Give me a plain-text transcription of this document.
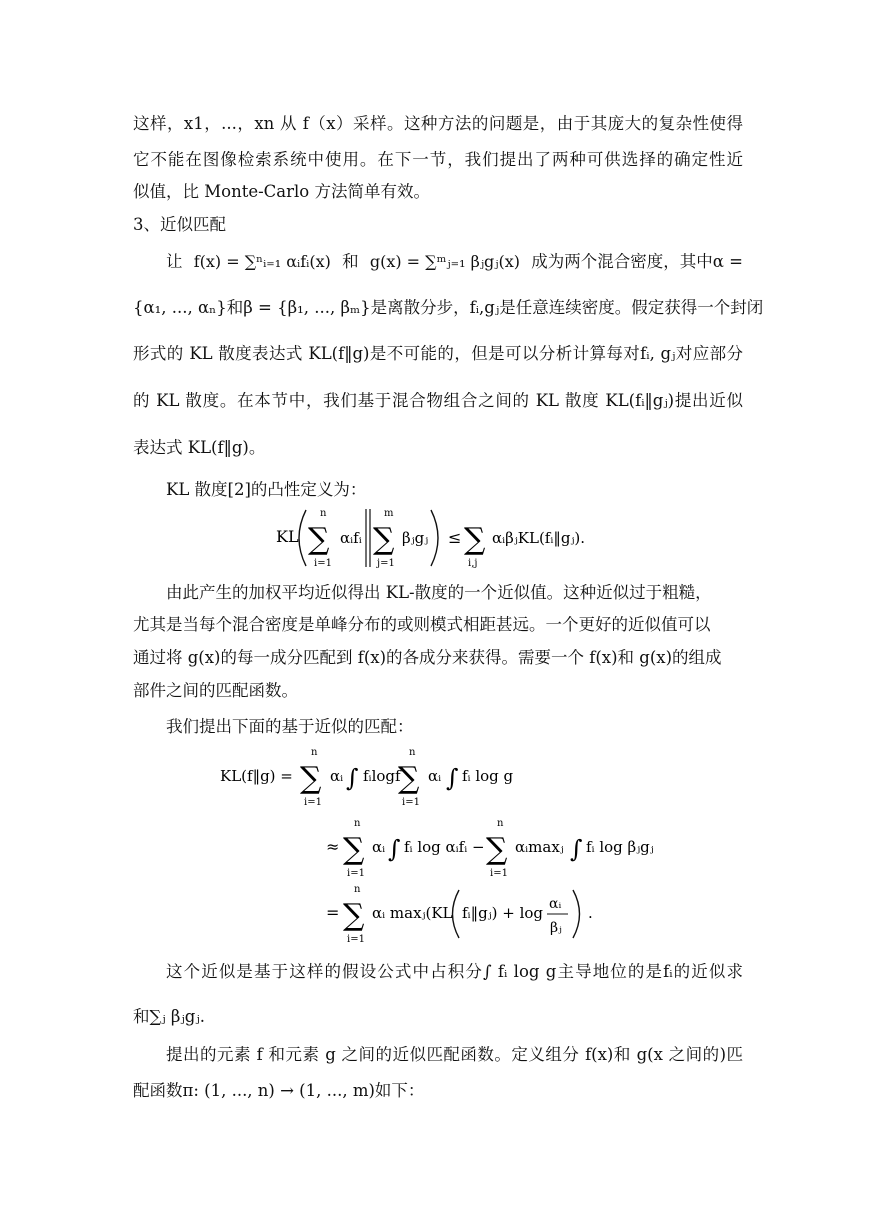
这样，x1，...，xn 从 f（x）采样。这种方法的问题是，由于其庞大的复杂性使得
它不能在图像检索系统中使用。在下一节，我们提出了两种可供选择的确定性近
似值，比 Monte-Carlo 方法简单有效。
3、近似匹配
让 f(x) = ∑ⁿᵢ₌₁ αᵢfᵢ(x) 和 g(x) = ∑ᵐⱼ₌₁ βⱼgⱼ(x) 成为两个混合密度，其中α =
{α₁, ..., αₙ}和β = {β₁, ..., βₘ}是离散分步，fᵢ,gⱼ是任意连续密度。假定获得一个封闭
形式的 KL 散度表达式 KL(f‖g)是不可能的，但是可以分析计算每对fᵢ, gⱼ对应部分
的 KL 散度。在本节中，我们基于混合物组合之间的 KL 散度 KL(fᵢ‖gⱼ)提出近似
表达式 KL(f‖g)。
KL 散度[2]的凸性定义为：
KL
n
∑
i=1
αᵢfᵢ
m
∑
j=1
βⱼgⱼ ≤ ∑
i,j
αᵢβⱼKL(fᵢ‖gⱼ).
由此产生的加权平均近似得出 KL-散度的一个近似值。这种近似过于粗糙，
尤其是当每个混合密度是单峰分布的或则模式相距甚远。一个更好的近似值可以
通过将 g(x)的每一成分匹配到 f(x)的各成分来获得。需要一个 f(x)和 g(x)的组成
部件之间的匹配函数。
我们提出下面的基于近似的匹配：
KL(f‖g) =
n
∑
i=1
αᵢ ∫ fᵢlogf
n
∑
i=1
αᵢ ∫ fᵢ log g
≈
n
∑
i=1
αᵢ ∫ fᵢ log αᵢfᵢ −
n
∑
i=1
αᵢmaxⱼ ∫ fᵢ log βⱼgⱼ
=
n
∑
i=1
αᵢ maxⱼ(KL fᵢ‖gⱼ) + log αᵢ
βⱼ
.
这个近似是基于这样的假设公式中占积分∫ fᵢ log g主导地位的是fᵢ的近似求
和∑ⱼ βⱼgⱼ.
提出的元素 f 和元素 g 之间的近似匹配函数。定义组分 f(x)和 g(x 之间的)匹
配函数π: (1, ..., n) → (1, ..., m)如下：
